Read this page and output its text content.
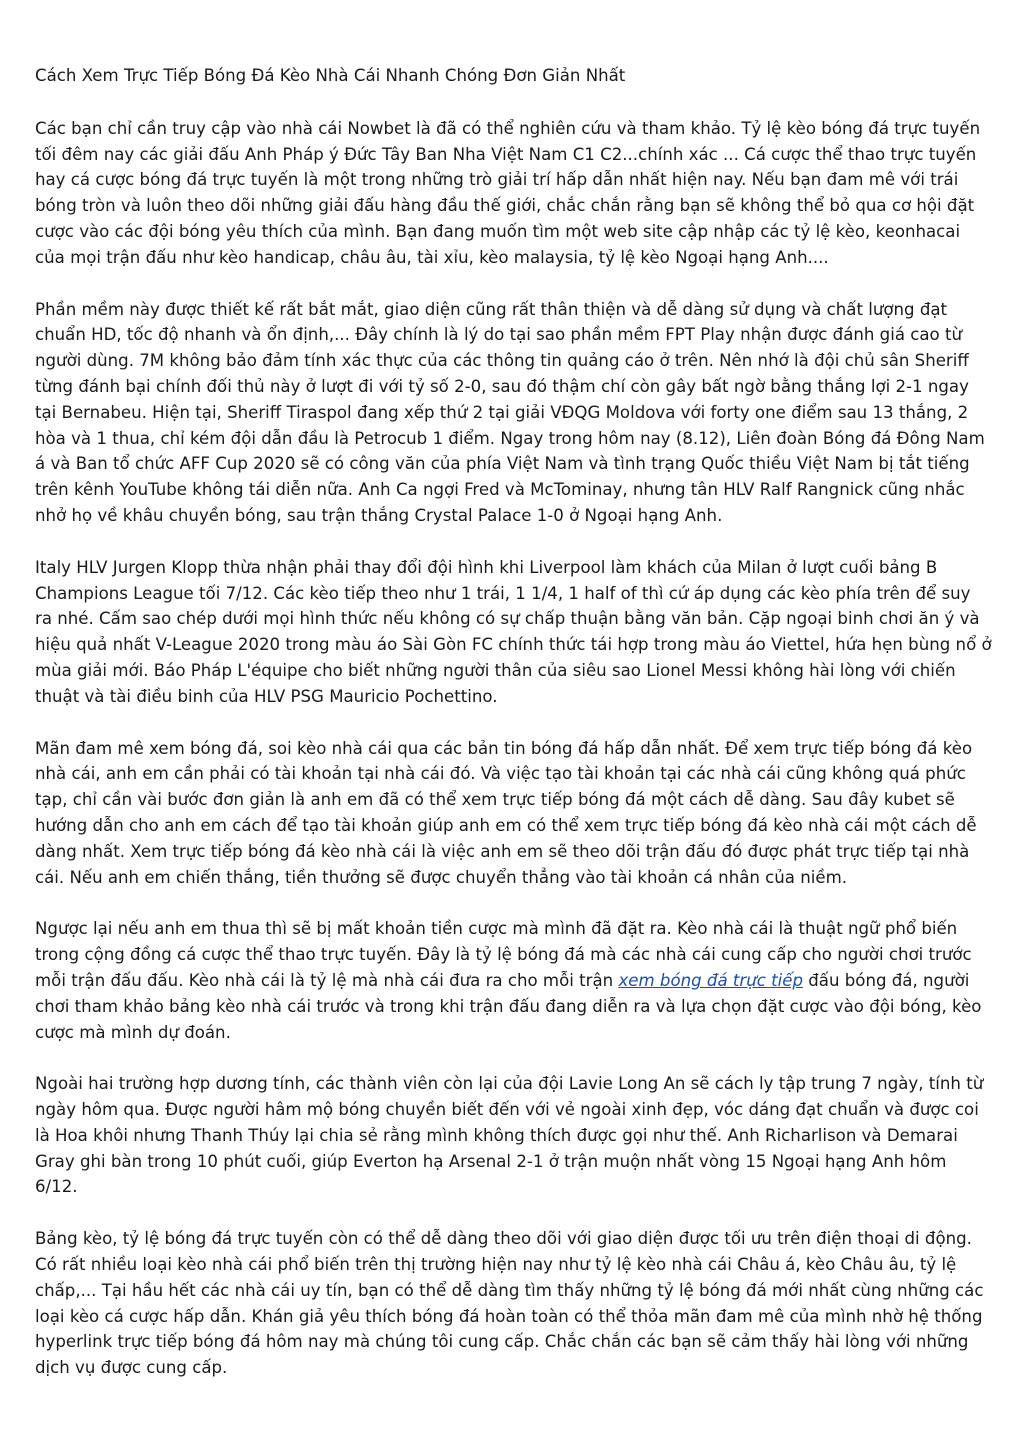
Cách Xem Trực Tiếp Bóng Đá Kèo Nhà Cái Nhanh Chóng Đơn Giản Nhất

Các bạn chỉ cần truy cập vào nhà cái Nowbet là đã có thể nghiên cứu và tham khảo. Tỷ lệ kèo bóng đá trực tuyến tối đêm nay các giải đấu Anh Pháp ý Đức Tây Ban Nha Việt Nam C1 C2...chính xác ... Cá cược thể thao trực tuyến hay cá cược bóng đá trực tuyến là một trong những trò giải trí hấp dẫn nhất hiện nay. Nếu bạn đam mê với trái bóng tròn và luôn theo dõi những giải đấu hàng đầu thế giới, chắc chắn rằng bạn sẽ không thể bỏ qua cơ hội đặt cược vào các đội bóng yêu thích của mình. Bạn đang muốn tìm một web site cập nhập các tỷ lệ kèo, keonhacai của mọi trận đấu như kèo handicap, châu âu, tài xỉu, kèo malaysia, tỷ lệ kèo Ngoại hạng Anh....

Phần mềm này được thiết kế rất bắt mắt, giao diện cũng rất thân thiện và dễ dàng sử dụng và chất lượng đạt chuẩn HD, tốc độ nhanh và ổn định,... Đây chính là lý do tại sao phần mềm FPT Play nhận được đánh giá cao từ người dùng. 7M không bảo đảm tính xác thực của các thông tin quảng cáo ở trên. Nên nhớ là đội chủ sân Sheriff từng đánh bại chính đối thủ này ở lượt đi với tỷ số 2-0, sau đó thậm chí còn gây bất ngờ bằng thắng lợi 2-1 ngay tại Bernabeu. Hiện tại, Sheriff Tiraspol đang xếp thứ 2 tại giải VĐQG Moldova với forty one điểm sau 13 thắng, 2 hòa và 1 thua, chỉ kém đội dẫn đầu là Petrocub 1 điểm. Ngay trong hôm nay (8.12), Liên đoàn Bóng đá Đông Nam á và Ban tổ chức AFF Cup 2020 sẽ có công văn của phía Việt Nam và tình trạng Quốc thiều Việt Nam bị tắt tiếng trên kênh YouTube không tái diễn nữa. Anh Ca ngợi Fred và McTominay, nhưng tân HLV Ralf Rangnick cũng nhắc nhở họ về khâu chuyền bóng, sau trận thắng Crystal Palace 1-0 ở Ngoại hạng Anh.

Italy HLV Jurgen Klopp thừa nhận phải thay đổi đội hình khi Liverpool làm khách của Milan ở lượt cuối bảng B Champions League tối 7/12. Các kèo tiếp theo như 1 trái, 1 1/4, 1 half of thì cứ áp dụng các kèo phía trên để suy ra nhé. Cấm sao chép dưới mọi hình thức nếu không có sự chấp thuận bằng văn bản. Cặp ngoại binh chơi ăn ý và hiệu quả nhất V-League 2020 trong màu áo Sài Gòn FC chính thức tái hợp trong màu áo Viettel, hứa hẹn bùng nổ ở mùa giải mới. Báo Pháp L'équipe cho biết những người thân của siêu sao Lionel Messi không hài lòng với chiến thuật và tài điều binh của HLV PSG Mauricio Pochettino.

Mãn đam mê xem bóng đá, soi kèo nhà cái qua các bản tin bóng đá hấp dẫn nhất. Để xem trực tiếp bóng đá kèo nhà cái, anh em cần phải có tài khoản tại nhà cái đó. Và việc tạo tài khoản tại các nhà cái cũng không quá phức tạp, chỉ cần vài bước đơn giản là anh em đã có thể xem trực tiếp bóng đá một cách dễ dàng. Sau đây kubet sẽ hướng dẫn cho anh em cách để tạo tài khoản giúp anh em có thể xem trực tiếp bóng đá kèo nhà cái một cách dễ dàng nhất. Xem trực tiếp bóng đá kèo nhà cái là việc anh em sẽ theo dõi trận đấu đó được phát trực tiếp tại nhà cái. Nếu anh em chiến thắng, tiền thưởng sẽ được chuyển thẳng vào tài khoản cá nhân của niềm.

Ngược lại nếu anh em thua thì sẽ bị mất khoản tiền cược mà mình đã đặt ra. Kèo nhà cái là thuật ngữ phổ biến trong cộng đồng cá cược thể thao trực tuyến. Đây là tỷ lệ bóng đá mà các nhà cái cung cấp cho người chơi trước mỗi trận đấu đấu. Kèo nhà cái là tỷ lệ mà nhà cái đưa ra cho mỗi trận xem bóng đá trực tiếp đấu bóng đá, người chơi tham khảo bảng kèo nhà cái trước và trong khi trận đấu đang diễn ra và lựa chọn đặt cược vào đội bóng, kèo cược mà mình dự đoán.

Ngoài hai trường hợp dương tính, các thành viên còn lại của đội Lavie Long An sẽ cách ly tập trung 7 ngày, tính từ ngày hôm qua. Được người hâm mộ bóng chuyền biết đến với vẻ ngoài xinh đẹp, vóc dáng đạt chuẩn và được coi là Hoa khôi nhưng Thanh Thúy lại chia sẻ rằng mình không thích được gọi như thế. Anh Richarlison và Demarai Gray ghi bàn trong 10 phút cuối, giúp Everton hạ Arsenal 2-1 ở trận muộn nhất vòng 15 Ngoại hạng Anh hôm 6/12.

Bảng kèo, tỷ lệ bóng đá trực tuyến còn có thể dễ dàng theo dõi với giao diện được tối ưu trên điện thoại di động. Có rất nhiều loại kèo nhà cái phổ biến trên thị trường hiện nay như tỷ lệ kèo nhà cái Châu á, kèo Châu âu, tỷ lệ chấp,... Tại hầu hết các nhà cái uy tín, bạn có thể dễ dàng tìm thấy những tỷ lệ bóng đá mới nhất cùng những các loại kèo cá cược hấp dẫn. Khán giả yêu thích bóng đá hoàn toàn có thể thỏa mãn đam mê của mình nhờ hệ thống hyperlink trực tiếp bóng đá hôm nay mà chúng tôi cung cấp. Chắc chắn các bạn sẽ cảm thấy hài lòng với những dịch vụ được cung cấp.
